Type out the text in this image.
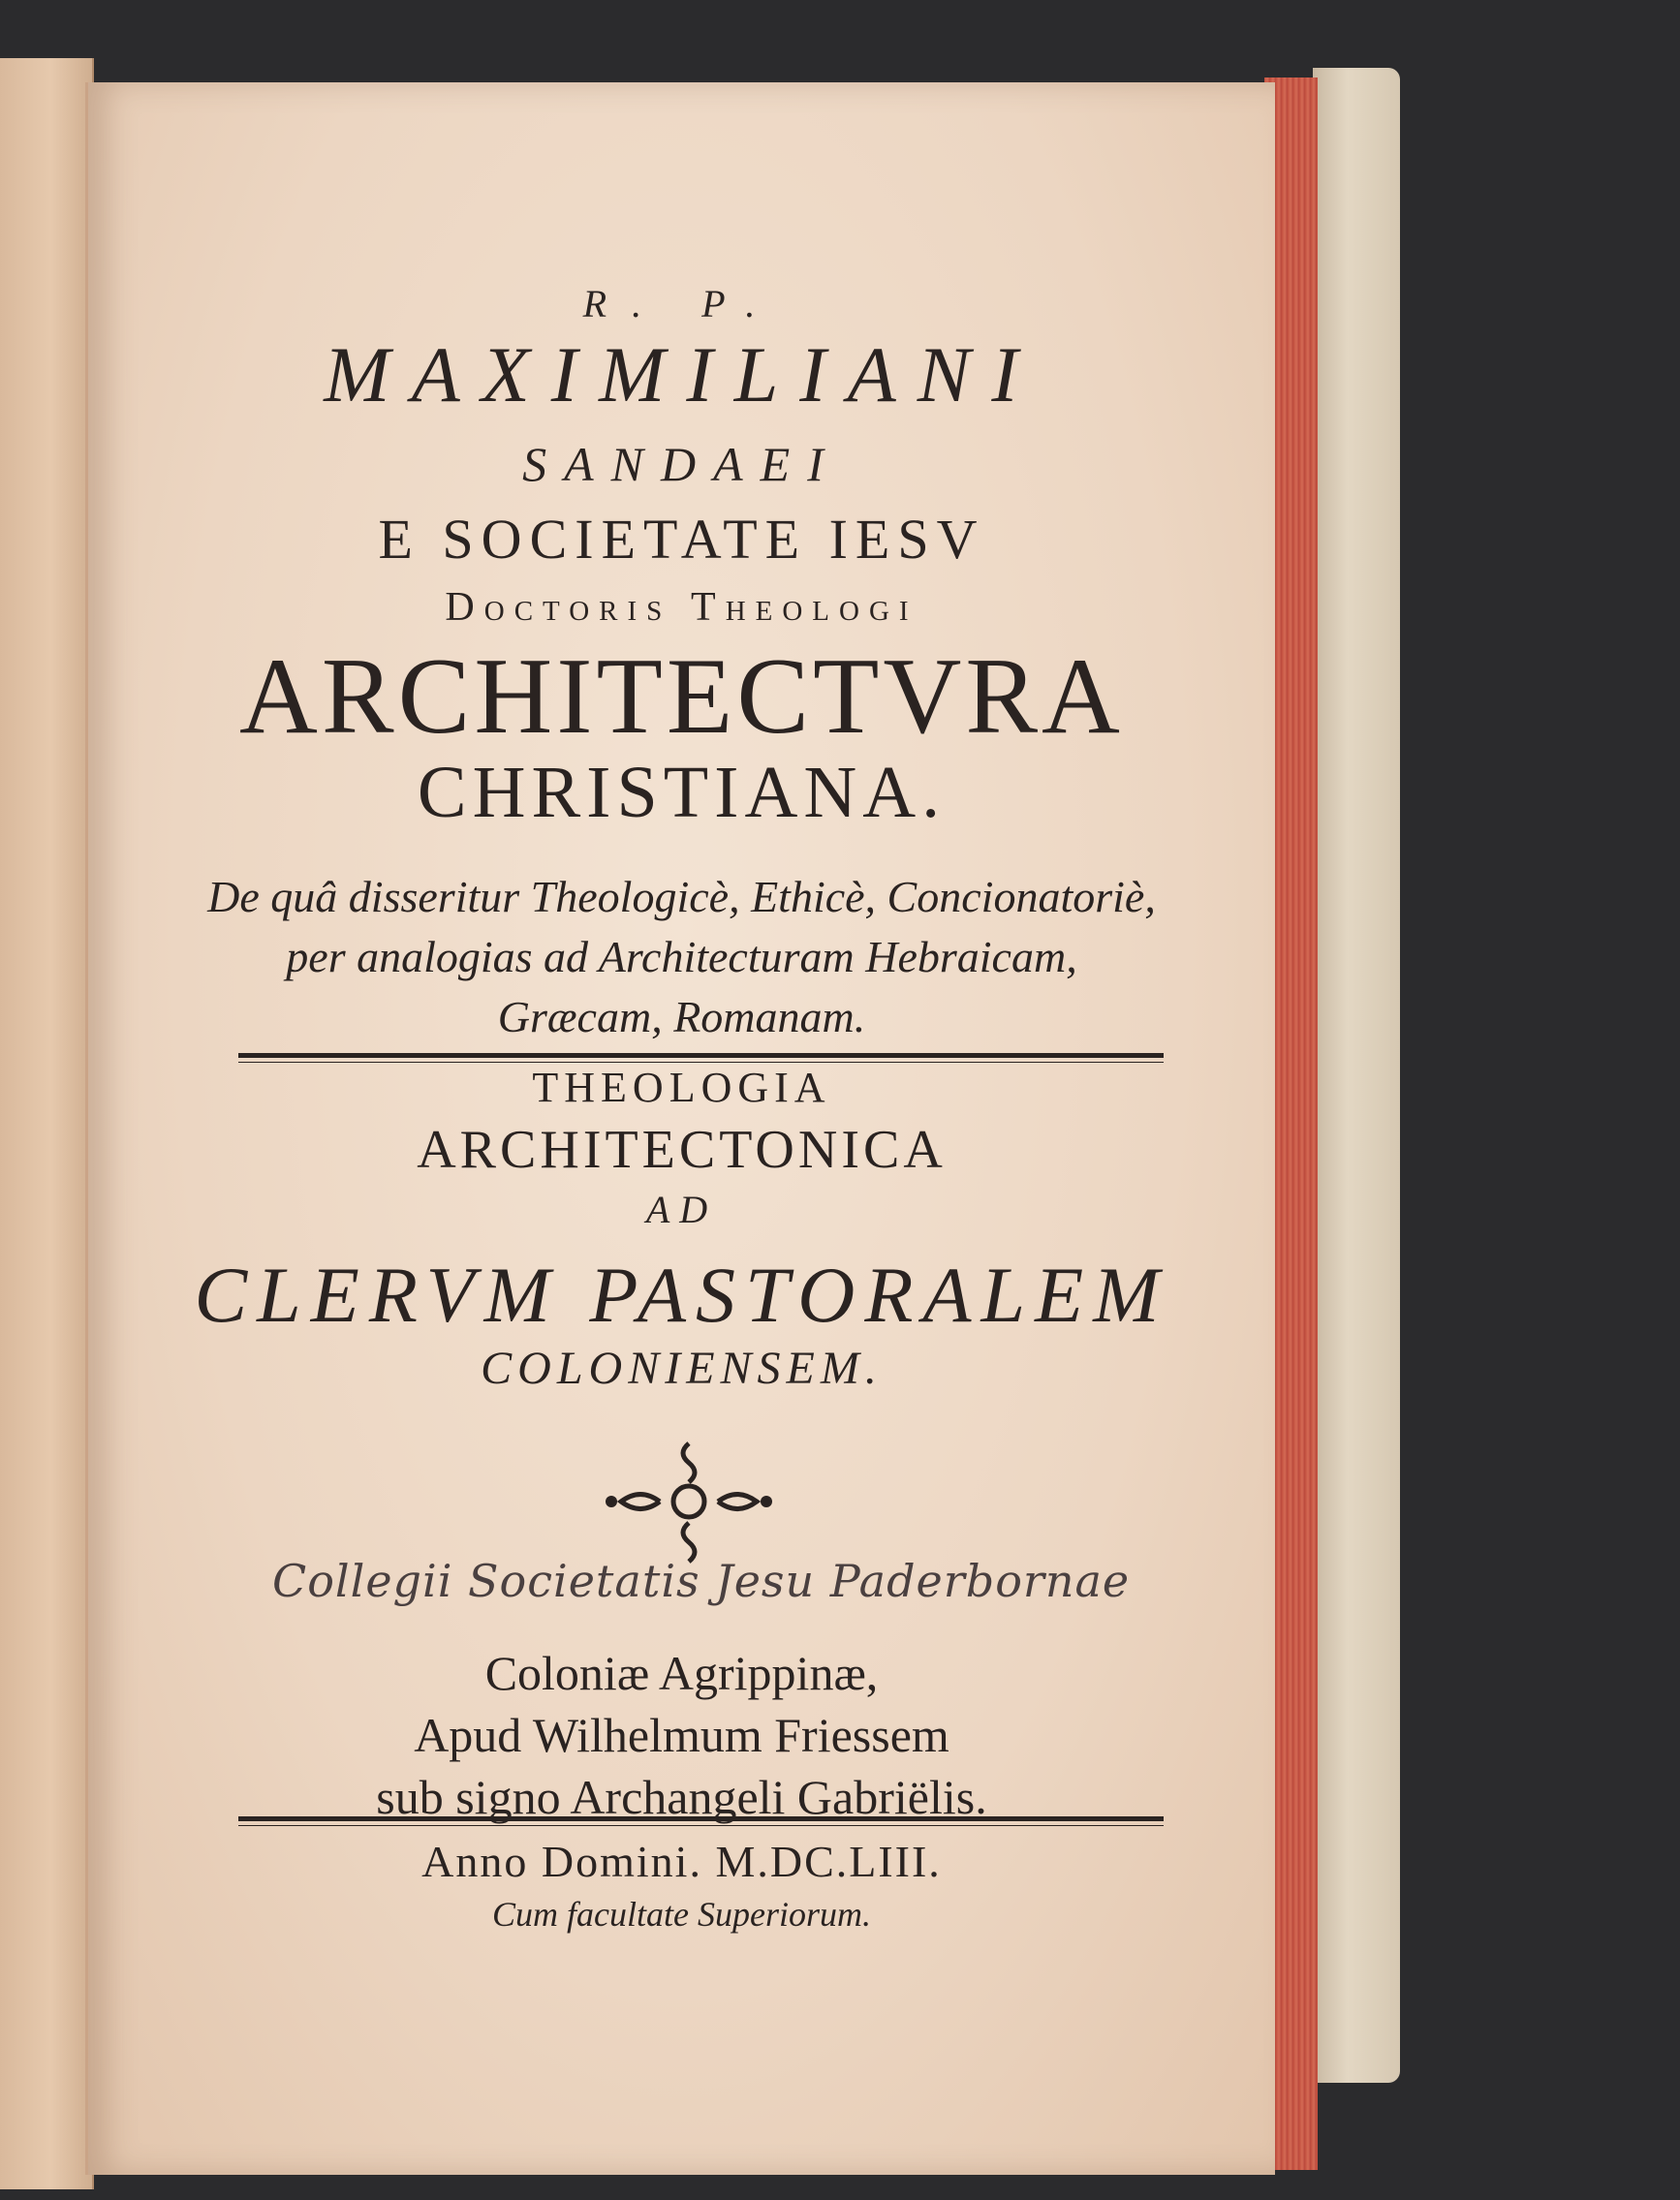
R. P.
MAXIMILIANI
SANDAEI
E SOCIETATE IESV
Doctoris Theologi
ARCHITECTVRA
CHRISTIANA.
De quâ disseritur Theologicè, Ethicè, Concionatoriè,
per analogias ad Architecturam Hebraicam,
Græcam, Romanam.
THEOLOGIA
ARCHITECTONICA
AD
CLERVM PASTORALEM
COLONIENSEM.
Collegii Societatis Jesu Paderbornae
Coloniæ Agrippinæ,
Apud Wilhelmum Friessem
sub signo Archangeli Gabriëlis.
Anno Domini. M.DC.LIII.
Cum facultate Superiorum.
